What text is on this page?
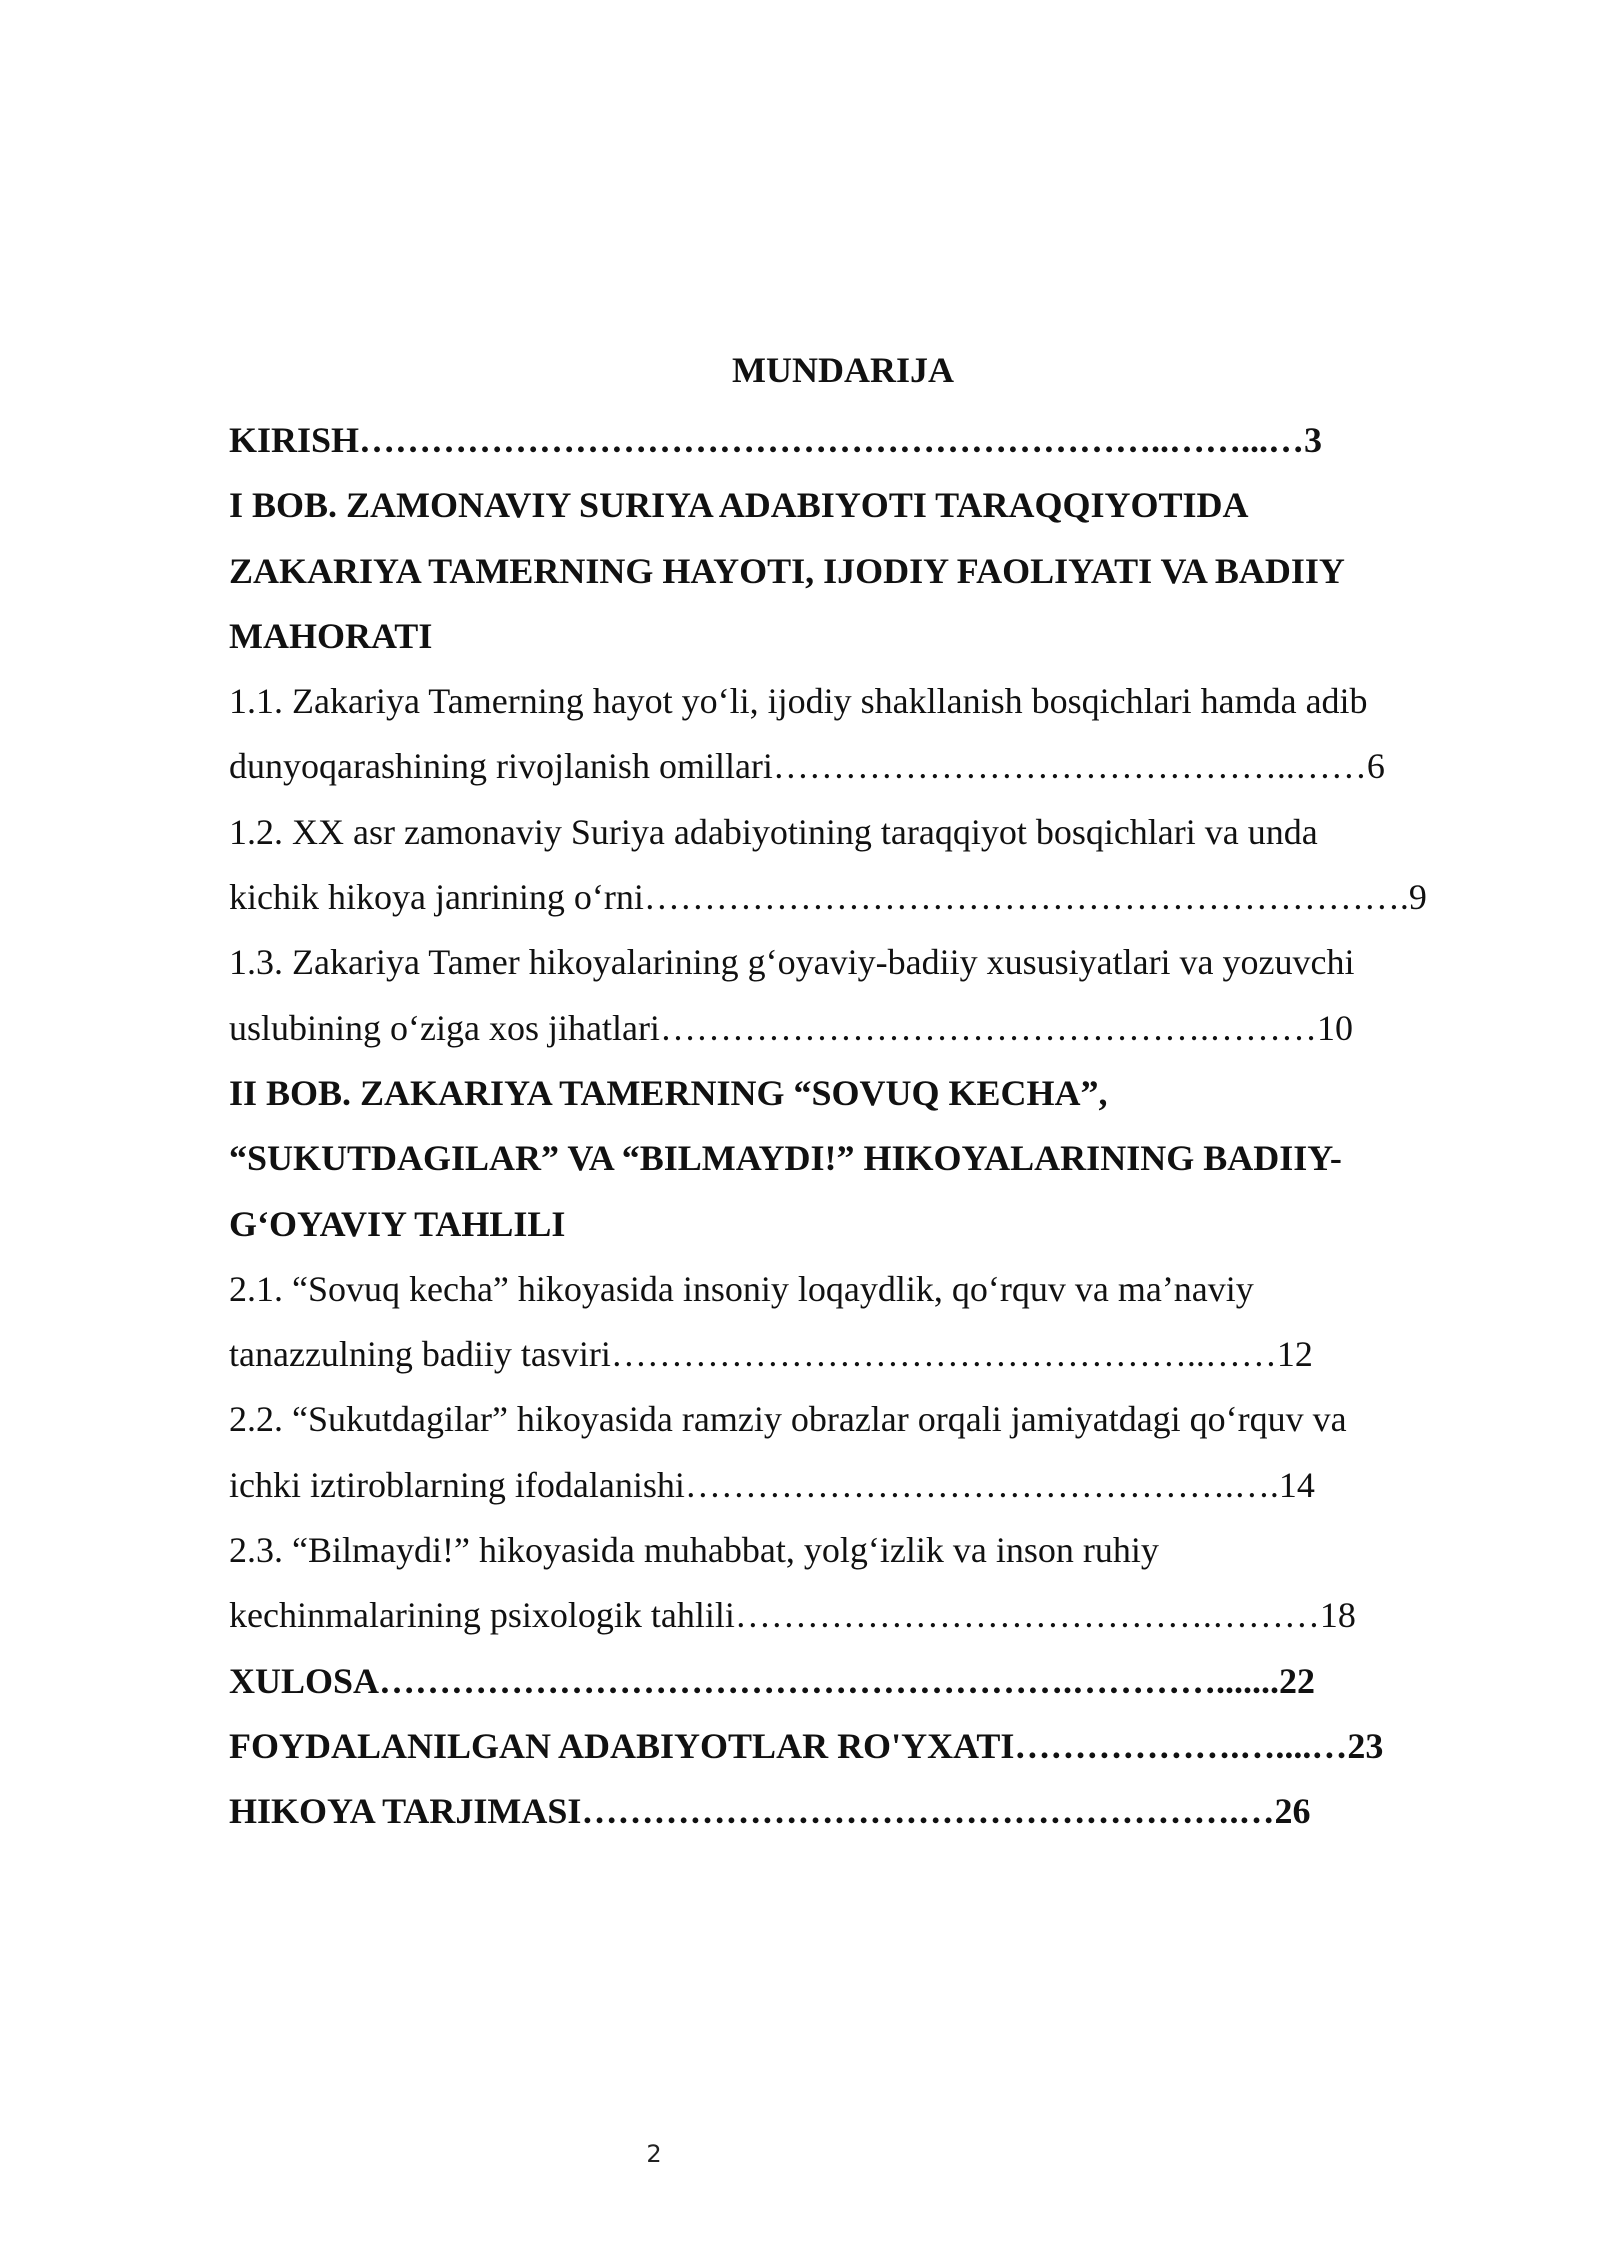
MUNDARIJA

KIRISH…………………………………………………………..……...…3

I BOB. ZAMONAVIY SURIYA ADABIYOTI TARAQQIYOTIDA

ZAKARIYA TAMERNING HAYOTI, IJODIY FAOLIYATI VA BADIIY

MAHORATI

1.1. Zakariya Tamerning hayot yo‘li, ijodiy shakllanish bosqichlari hamda adib

dunyoqarashining rivojlanish omillari……………………………………..……6

1.2. XX asr zamonaviy Suriya adabiyotining taraqqiyot bosqichlari va unda

kichik hikoya janrining o‘rni……………………………………………………….9

1.3. Zakariya Tamer hikoyalarining g‘oyaviy-badiiy xususiyatlari va yozuvchi

uslubining o‘ziga xos jihatlari……………………………………….………10

II BOB. ZAKARIYA TAMERNING “SOVUQ KECHA”,

“SUKUTDAGILAR” VA “BILMAYDI!” HIKOYALARINING BADIIY-

G‘OYAVIY TAHLILI

2.1. “Sovuq kecha” hikoyasida insoniy loqaydlik, qo‘rquv va ma’naviy

tanazzulning badiiy tasviri…………………………………………..……12

2.2. “Sukutdagilar” hikoyasida ramziy obrazlar orqali jamiyatdagi qo‘rquv va

ichki iztiroblarning ifodalanishi……………………………………….….14

2.3. “Bilmaydi!” hikoyasida muhabbat, yolg‘izlik va inson ruhiy

kechinmalarining psixologik tahlili………………………………….………18

XULOSA………………………………………………….………….......22

FOYDALANILGAN ADABIYOTLAR RO'YXATI……………….…....…23

HIKOYA TARJIMASI……………………………………………….…26

2
